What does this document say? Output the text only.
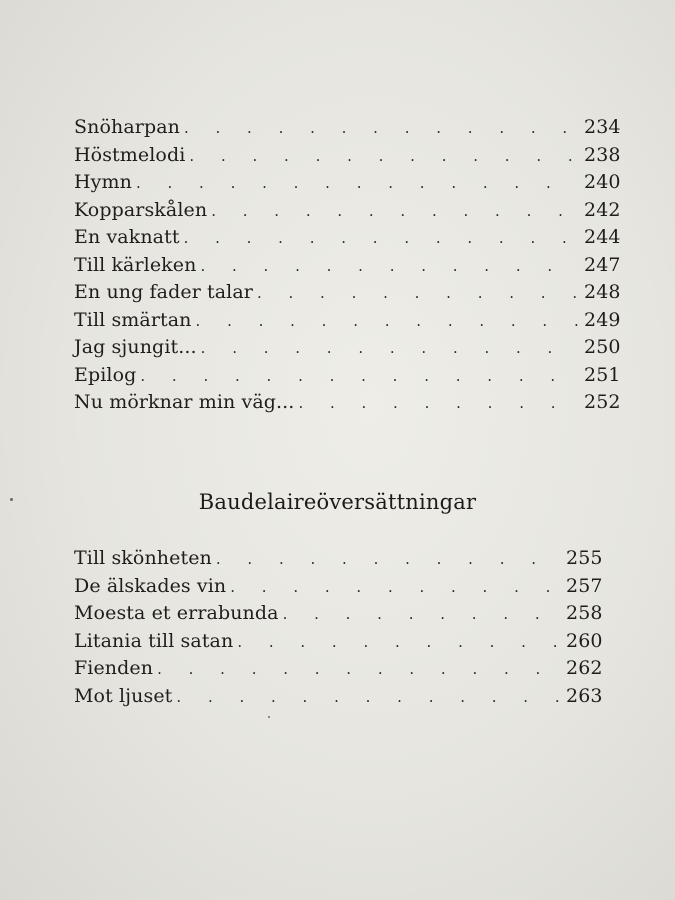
Snöharpan . . .	234
Höstmelodi . . .	238
Hymn . . .	240
Kopparskålen . . .	242
En vaknatt . . .	244
Till kärleken . . .	247
En ung fader talar . . .	248
Till smärtan . . .	249
Jag sjungit... . . .	250
Epilog . . .	251
Nu mörknar min väg... . . .	252
Baudelaireöversättningar
Till skönheten . . .	255
De älskades vin . . .	257
Moesta et errabunda . . .	258
Litania till satan . . .	260
Fienden . . .	262
Mot ljuset . . .	263
